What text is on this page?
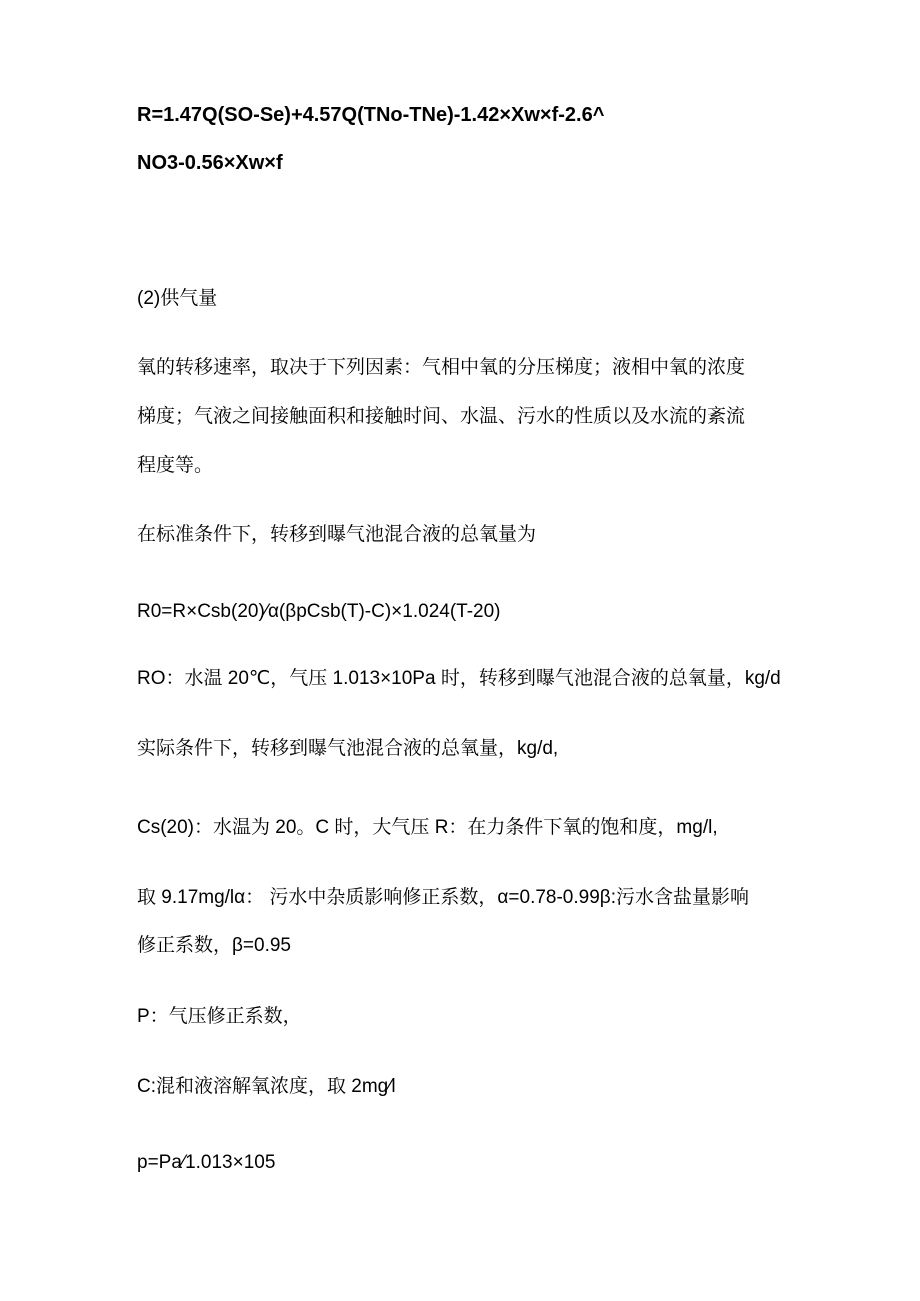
R=1.47Q(SO-Se)+4.57Q(TNo-TNe)-1.42×Xw×f-2.6^
NO3-0.56×Xw×f
(2)供气量
氧的转移速率，取决于下列因素：气相中氧的分压梯度；液相中氧的浓度
梯度；气液之间接触面积和接触时间、水温、污水的性质以及水流的紊流
程度等。
在标准条件下，转移到曝气池混合液的总氧量为
R0=R×Csb(20)⁄α(βpCsb(T)-C)×1.024(T-20)
RO：水温 20℃，气压 1.013×10Pa 时，转移到曝气池混合液的总氧量，kg/d
实际条件下，转移到曝气池混合液的总氧量，kg/d,
Cs(20)：水温为 20。C 时，大气压 R：在力条件下氧的饱和度，mg/l,
取 9.17mg/lα： 污水中杂质影响修正系数，α=0.78-0.99β:污水含盐量影响
修正系数，β=0.95
P：气压修正系数，
C:混和液溶解氧浓度，取 2mg⁄l
p=Pa⁄1.013×105
